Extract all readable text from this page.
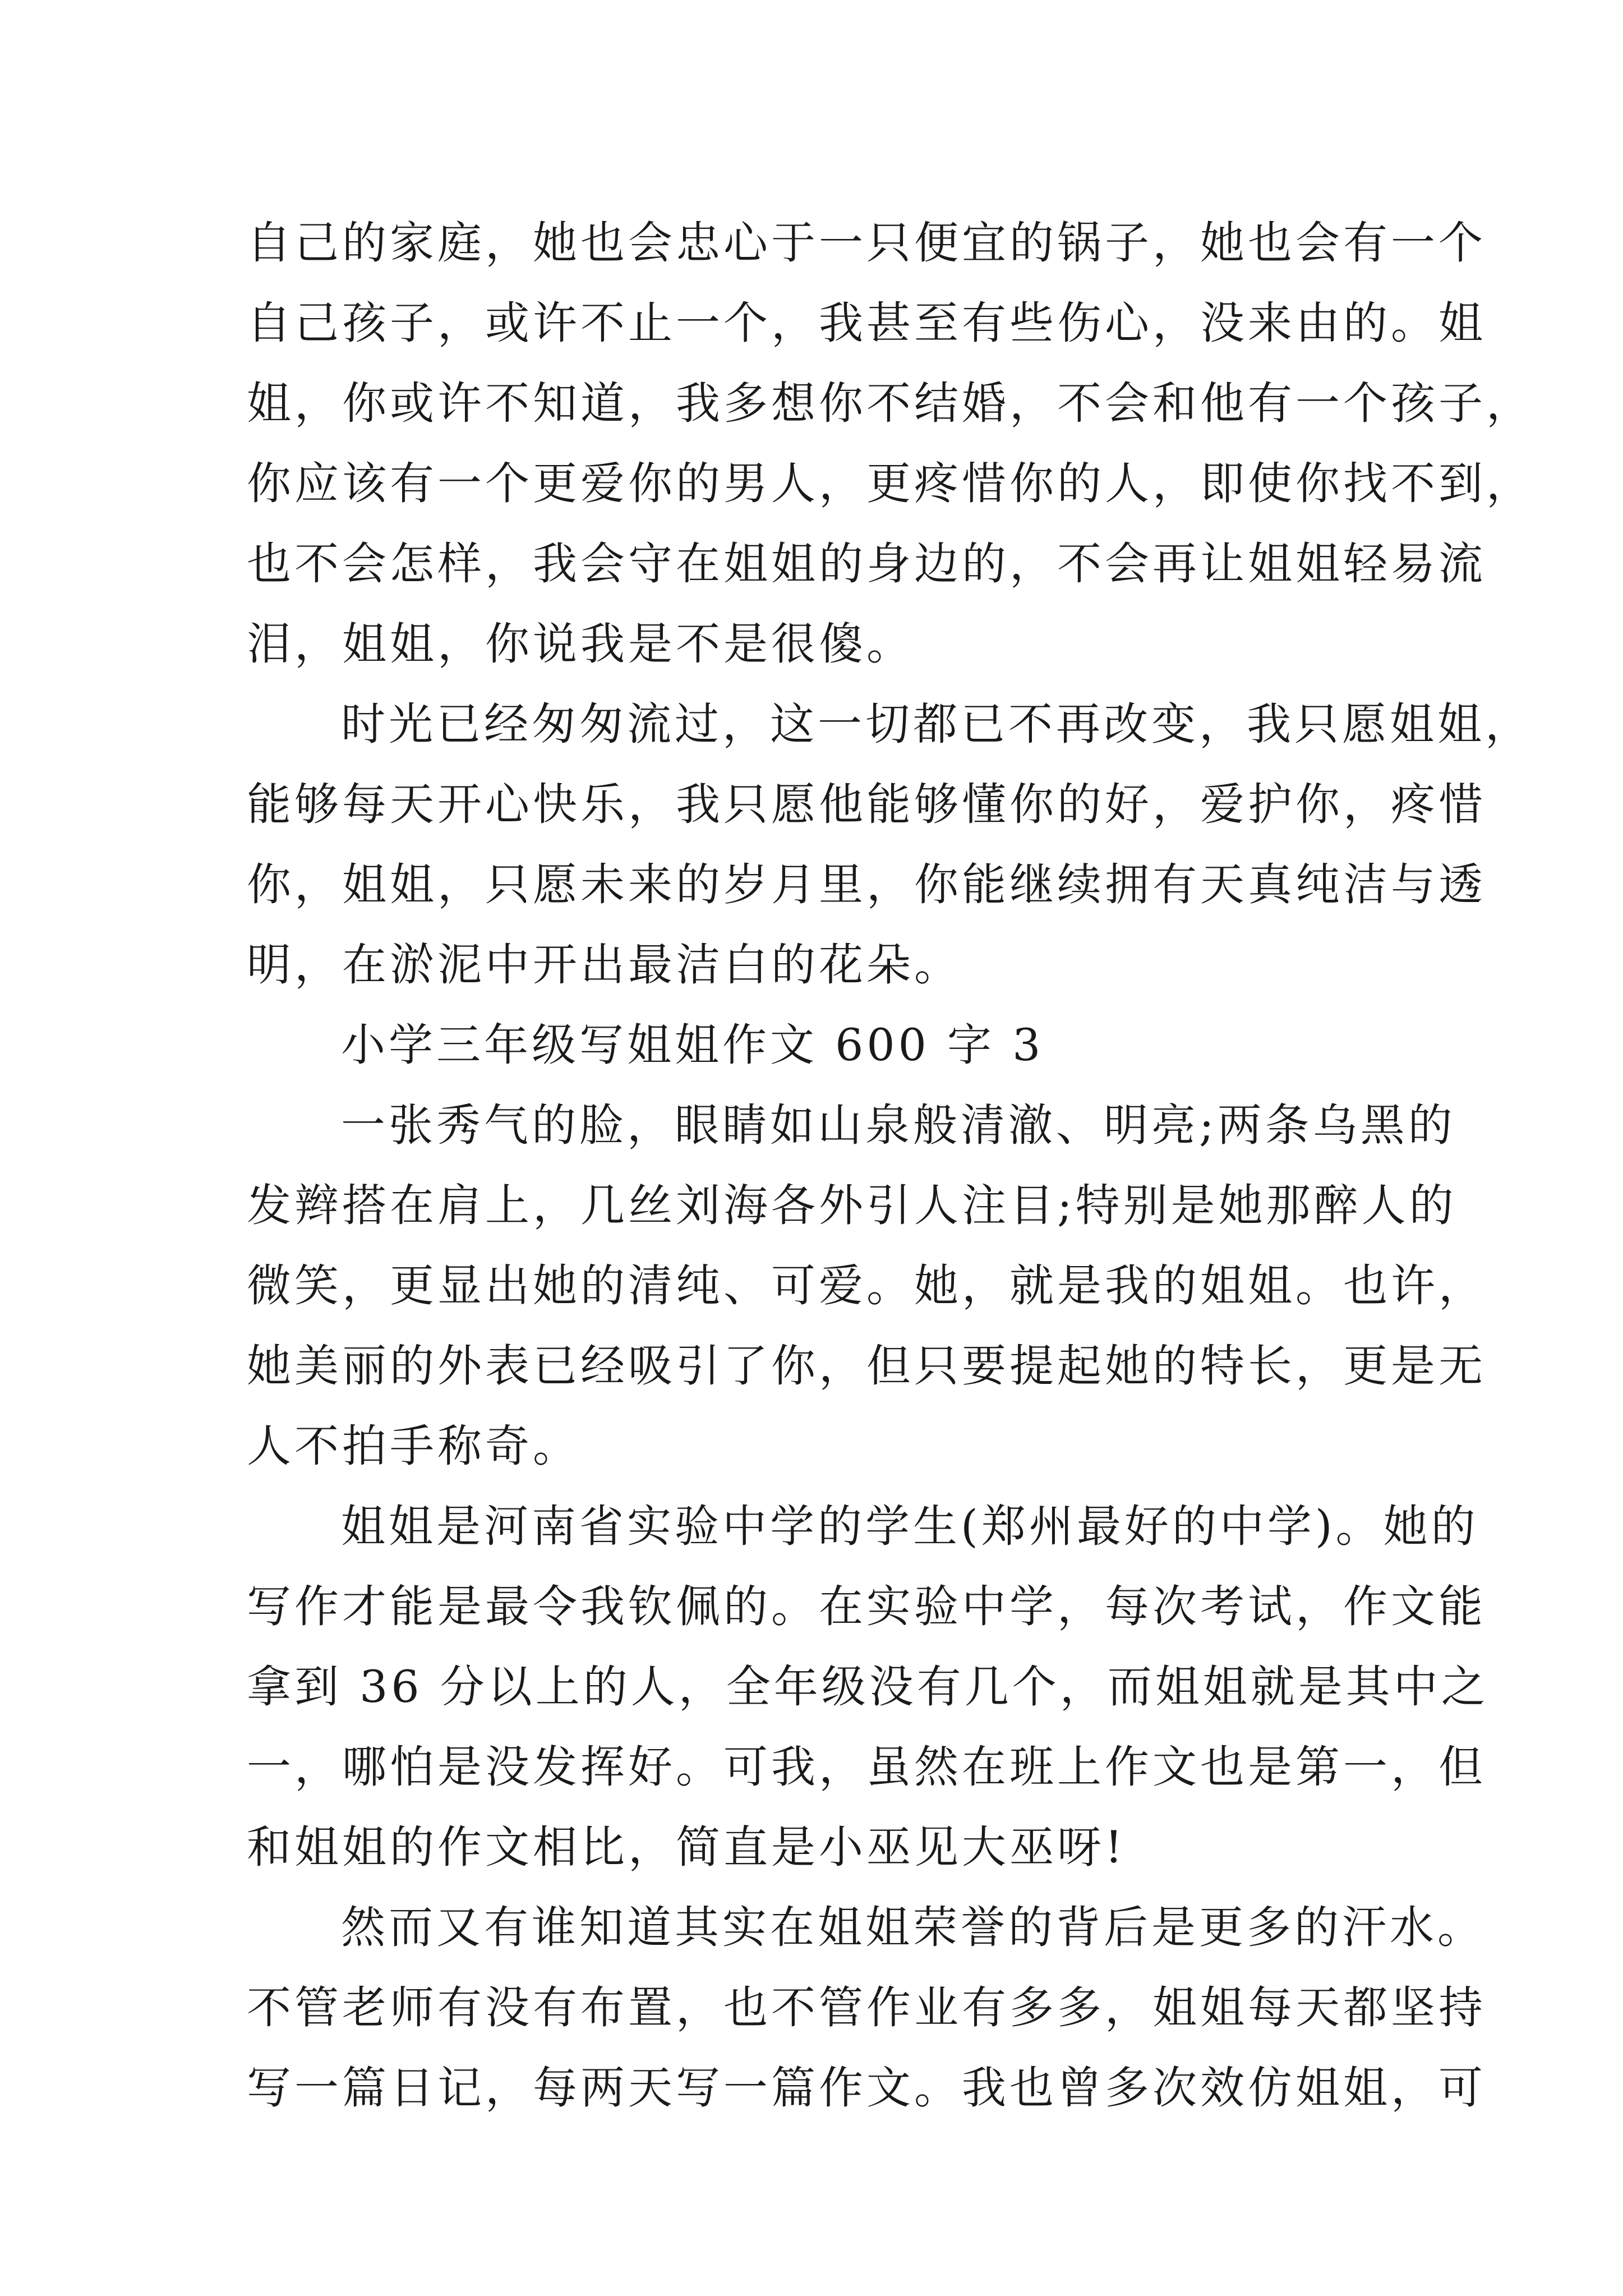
自己的家庭，她也会忠心于一只便宜的锅子，她也会有一个
自己孩子，或许不止一个，我甚至有些伤心，没来由的。姐
姐，你或许不知道，我多想你不结婚，不会和他有一个孩子，
你应该有一个更爱你的男人，更疼惜你的人，即使你找不到，
也不会怎样，我会守在姐姐的身边的，不会再让姐姐轻易流
泪，姐姐，你说我是不是很傻。
时光已经匆匆流过，这一切都已不再改变，我只愿姐姐，
能够每天开心快乐，我只愿他能够懂你的好，爱护你，疼惜
你，姐姐，只愿未来的岁月里，你能继续拥有天真纯洁与透
明，在淤泥中开出最洁白的花朵。
小学三年级写姐姐作文 600 字 3
一张秀气的脸，眼睛如山泉般清澈、明亮;两条乌黑的
发辫搭在肩上，几丝刘海各外引人注目;特别是她那醉人的
微笑，更显出她的清纯、可爱。她，就是我的姐姐。也许，
她美丽的外表已经吸引了你，但只要提起她的特长，更是无
人不拍手称奇。
姐姐是河南省实验中学的学生(郑州最好的中学)。她的
写作才能是最令我钦佩的。在实验中学，每次考试，作文能
拿到 36 分以上的人，全年级没有几个，而姐姐就是其中之
一，哪怕是没发挥好。可我，虽然在班上作文也是第一，但
和姐姐的作文相比，简直是小巫见大巫呀!
然而又有谁知道其实在姐姐荣誉的背后是更多的汗水。
不管老师有没有布置，也不管作业有多多，姐姐每天都坚持
写一篇日记，每两天写一篇作文。我也曾多次效仿姐姐，可
